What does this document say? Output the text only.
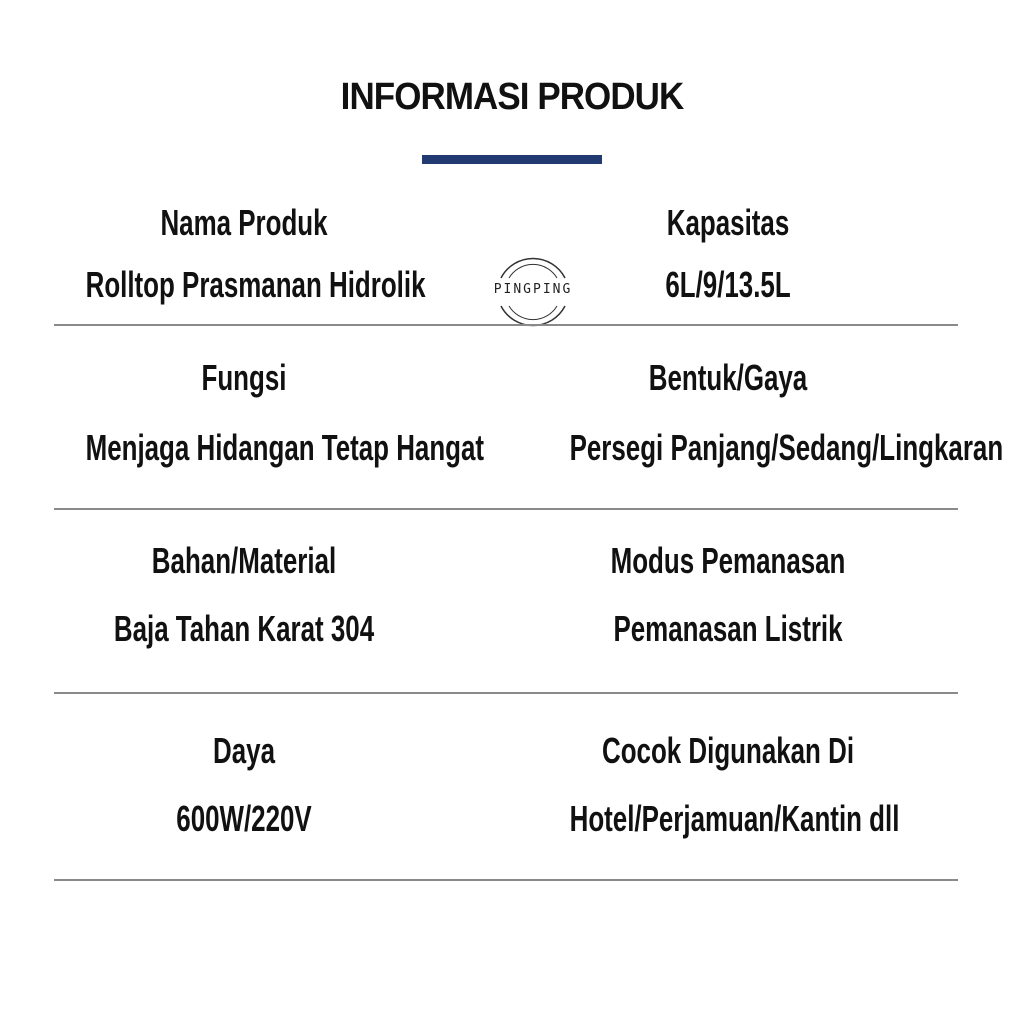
INFORMASI PRODUK
Nama Produk
Rolltop Prasmanan Hidrolik
Kapasitas
6L/9/13.5L
PINGPING
Fungsi
Menjaga Hidangan Tetap Hangat
Bentuk/Gaya
Persegi Panjang/Sedang/Lingkaran
Bahan/Material
Baja Tahan Karat 304
Modus Pemanasan
Pemanasan Listrik
Daya
600W/220V
Cocok Digunakan Di
Hotel/Perjamuan/Kantin dll
